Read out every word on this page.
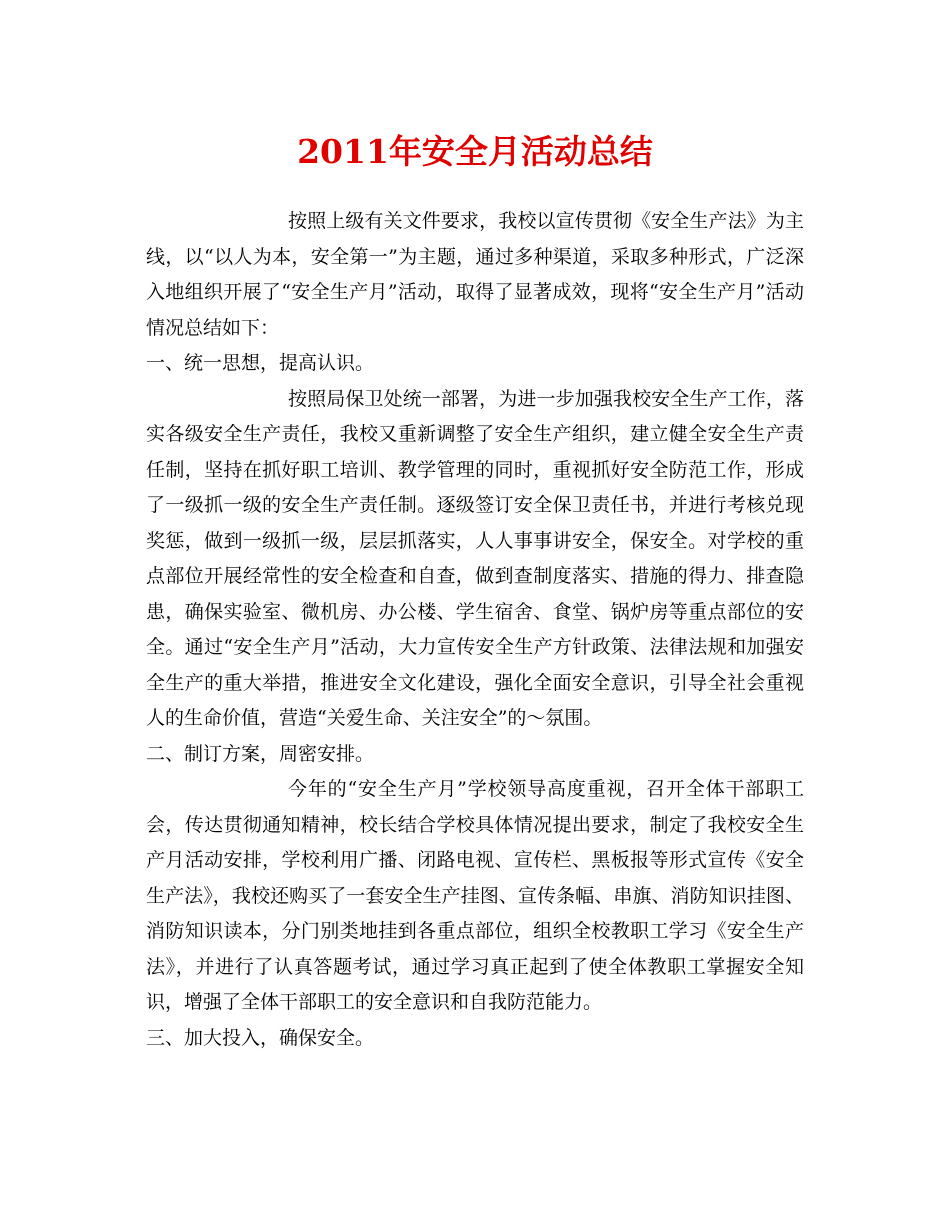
2011年安全月活动总结

按照上级有关文件要求，我校以宣传贯彻《安全生产法》为主线，以“以人为本，安全第一”为主题，通过多种渠道，采取多种形式，广泛深入地组织开展了“安全生产月”活动，取得了显著成效，现将“安全生产月”活动情况总结如下：

一、统一思想，提高认识。

按照局保卫处统一部署，为进一步加强我校安全生产工作，落实各级安全生产责任，我校又重新调整了安全生产组织，建立健全安全生产责任制，坚持在抓好职工培训、教学管理的同时，重视抓好安全防范工作，形成了一级抓一级的安全生产责任制。逐级签订安全保卫责任书，并进行考核兑现奖惩，做到一级抓一级，层层抓落实，人人事事讲安全，保安全。对学校的重点部位开展经常性的安全检查和自查，做到查制度落实、措施的得力、排查隐患，确保实验室、微机房、办公楼、学生宿舍、食堂、锅炉房等重点部位的安全。通过“安全生产月”活动，大力宣传安全生产方针政策、法律法规和加强安全生产的重大举措，推进安全文化建设，强化全面安全意识，引导全社会重视人的生命价值，营造“关爱生命、关注安全”的～氛围。

二、制订方案，周密安排。

今年的“安全生产月”学校领导高度重视，召开全体干部职工会，传达贯彻通知精神，校长结合学校具体情况提出要求，制定了我校安全生产月活动安排，学校利用广播、闭路电视、宣传栏、黑板报等形式宣传《安全生产法》，我校还购买了一套安全生产挂图、宣传条幅、串旗、消防知识挂图、消防知识读本，分门别类地挂到各重点部位，组织全校教职工学习《安全生产法》，并进行了认真答题考试，通过学习真正起到了使全体教职工掌握安全知识，增强了全体干部职工的安全意识和自我防范能力。

三、加大投入，确保安全。
